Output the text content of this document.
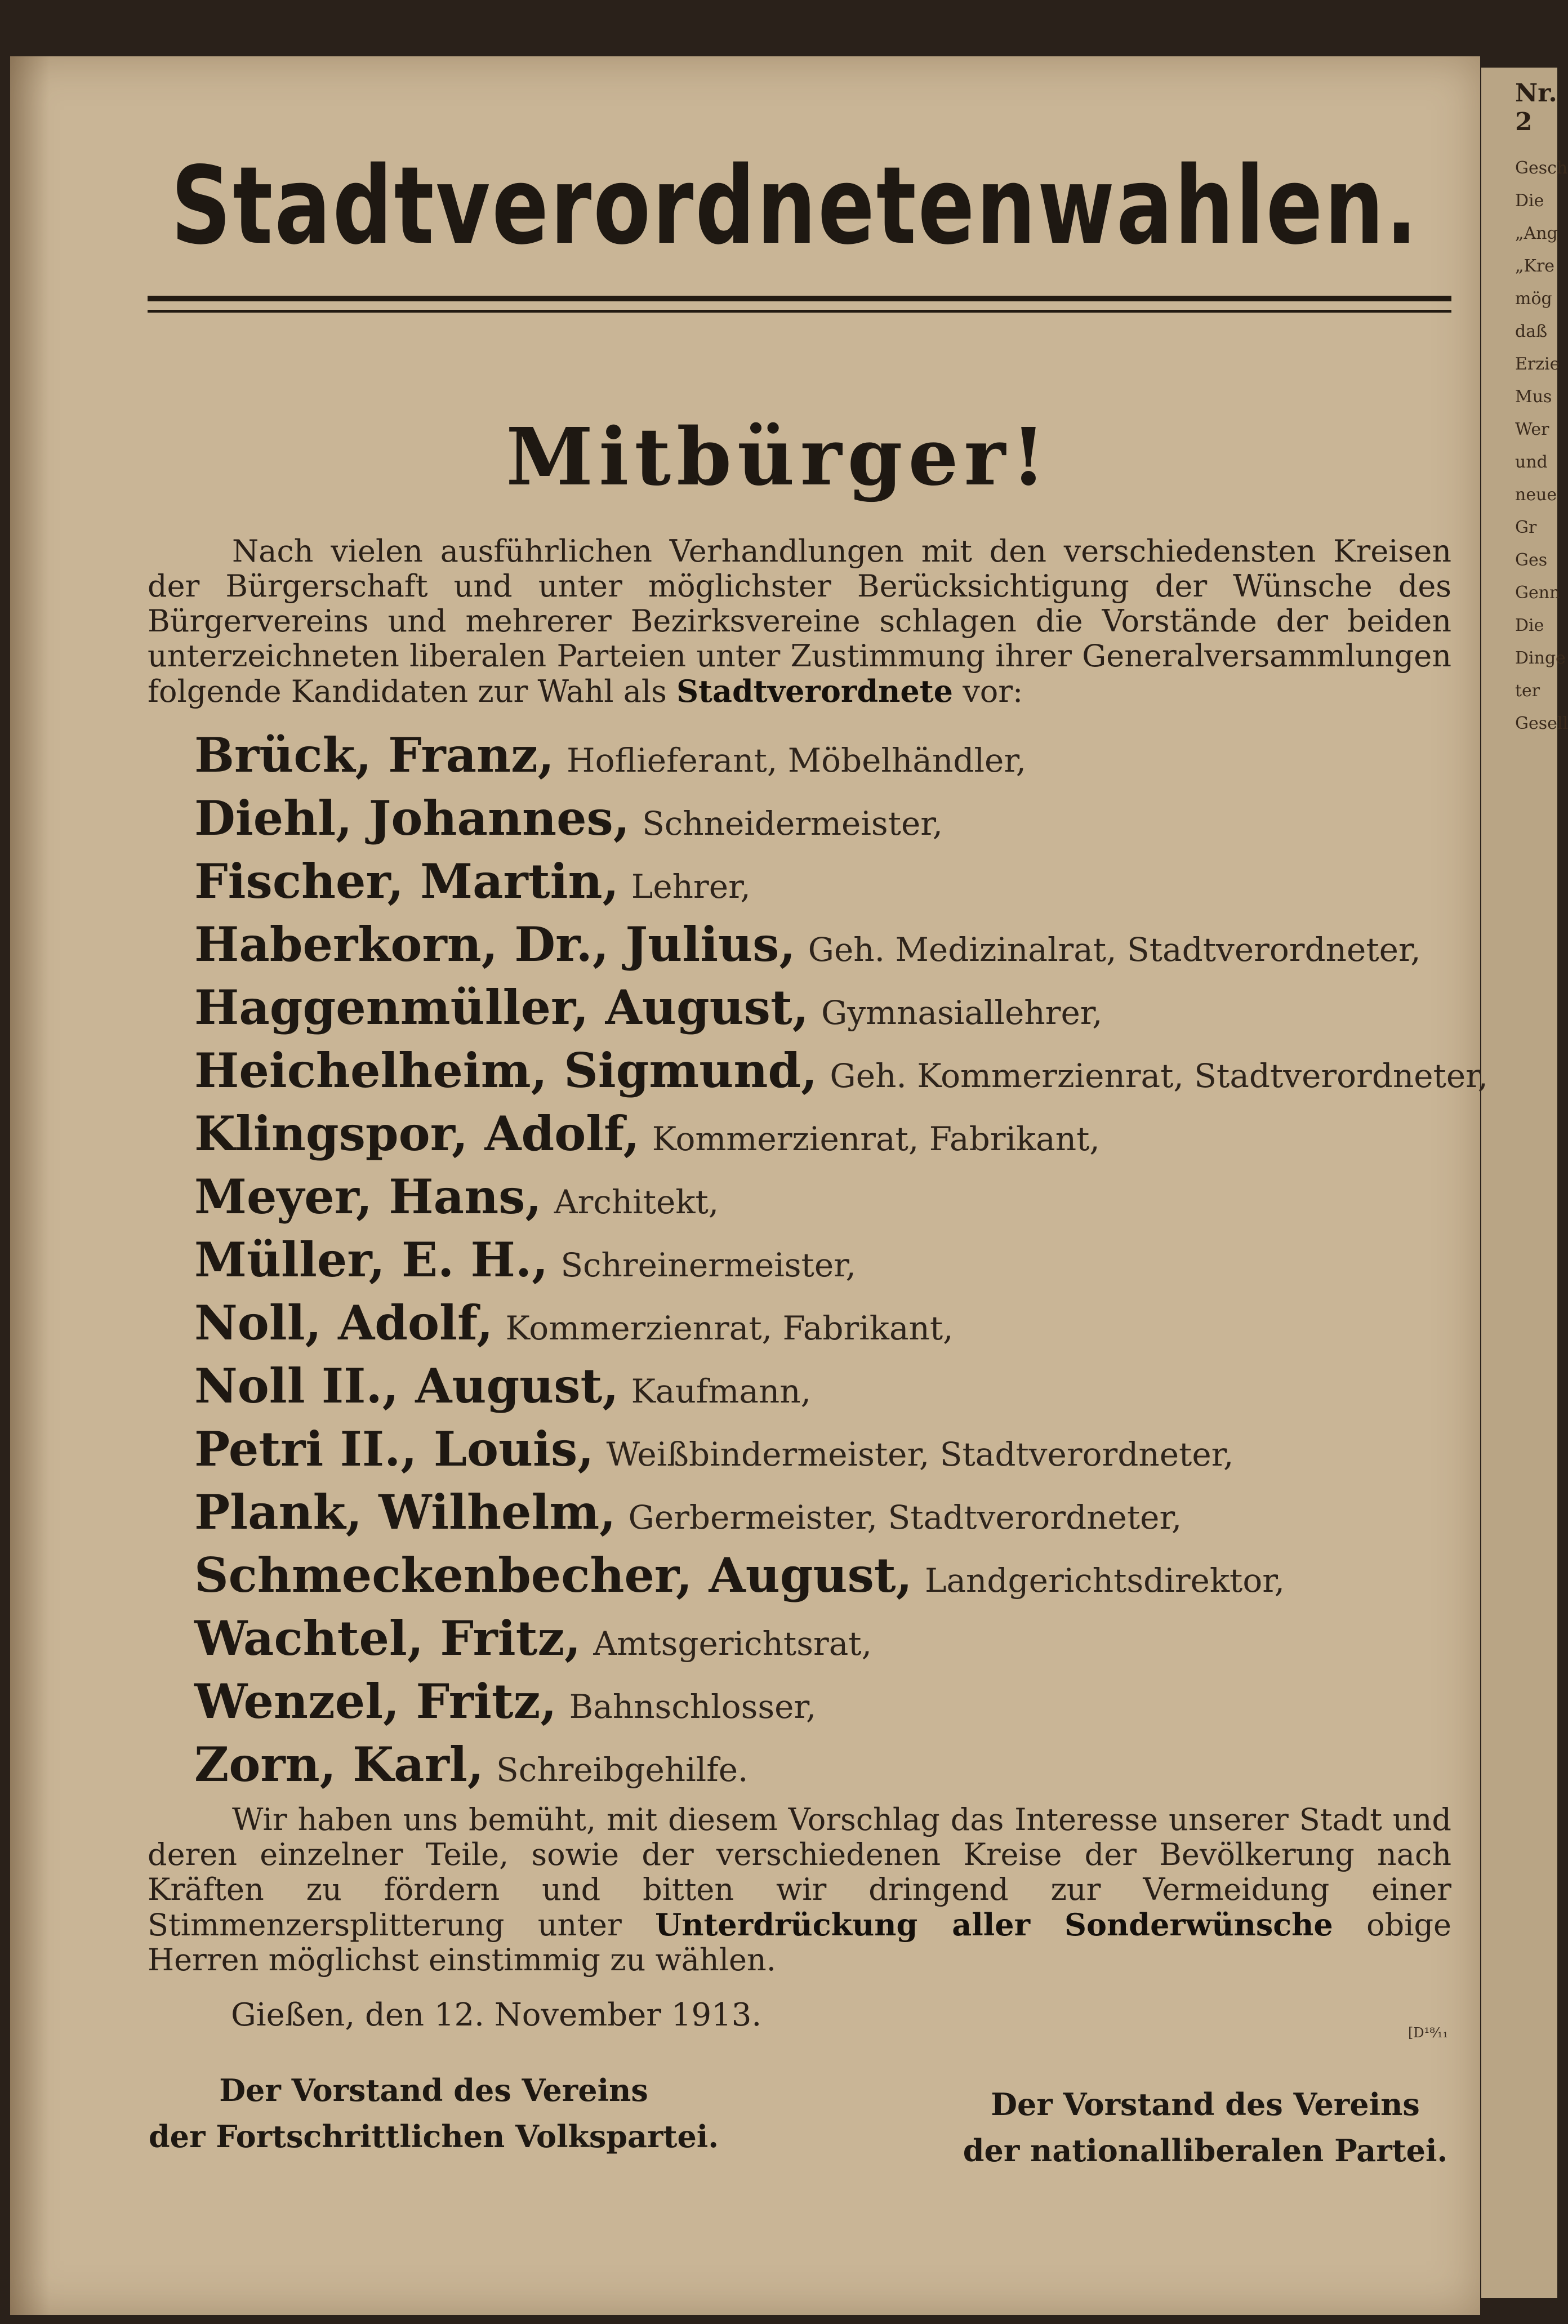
Nr. 2
Gesch
Die
„Ang
„Kre
mög
daß
Erzie
Mus
Wer
und
neue
Gr
Ges
Genn
Die
Dinge
ter
Gesell
Stadtverordnetenwahlen.
Mitbürger!
Nach vielen ausführlichen Verhandlungen mit den verschiedensten Kreisen der Bürgerschaft und unter möglichster Berücksichtigung der Wünsche des Bürgervereins und mehrerer Bezirksvereine schlagen die Vorstände der beiden unterzeichneten liberalen Parteien unter Zustimmung ihrer Generalversammlungen folgende Kandidaten zur Wahl als Stadtverordnete vor:
Brück, Franz, Hoflieferant, Möbelhändler,
Diehl, Johannes, Schneidermeister,
Fischer, Martin, Lehrer,
Haberkorn, Dr., Julius, Geh. Medizinalrat, Stadtverordneter,
Haggenmüller, August, Gymnasiallehrer,
Heichelheim, Sigmund, Geh. Kommerzienrat, Stadtverordneter,
Klingspor, Adolf, Kommerzienrat, Fabrikant,
Meyer, Hans, Architekt,
Müller, E. H., Schreinermeister,
Noll, Adolf, Kommerzienrat, Fabrikant,
Noll II., August, Kaufmann,
Petri II., Louis, Weißbindermeister, Stadtverordneter,
Plank, Wilhelm, Gerbermeister, Stadtverordneter,
Schmeckenbecher, August, Landgerichtsdirektor,
Wachtel, Fritz, Amtsgerichtsrat,
Wenzel, Fritz, Bahnschlosser,
Zorn, Karl, Schreibgehilfe.
Wir haben uns bemüht, mit diesem Vorschlag das Interesse unserer Stadt und deren einzelner Teile, sowie der verschiedenen Kreise der Bevölkerung nach Kräften zu fördern und bitten wir dringend zur Vermeidung einer Stimmenzersplitterung unter Unterdrückung aller Sonderwünsche obige Herren möglichst einstimmig zu wählen.
Gießen, den 12. November 1913.	[D¹⁸⁄₁₁
Der Vorstand des Vereins
der Fortschrittlichen Volkspartei.
Der Vorstand des Vereins
der nationalliberalen Partei.
